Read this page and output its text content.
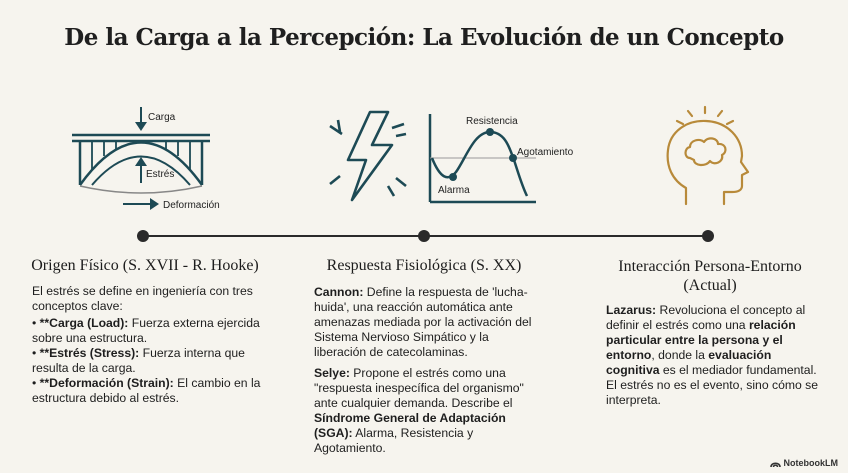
De la Carga a la Percepción: La Evolución de un Concepto
Carga
Estrés
Deformación
Resistencia
Agotamiento
Alarma
Origen Físico (S. XVII - R. Hooke)	Respuesta Fisiológica (S. XX)	Interacción Persona-Entorno
(Actual)

El estrés se define en ingeniería con tres conceptos clave:

• **Carga (Load): Fuerza externa ejercida sobre una estructura.
• **Estrés (Stress): Fuerza interna que resulta de la carga.
• **Deformación (Strain): El cambio en la estructura debido al estrés.

Cannon: Define la respuesta de 'lucha-huida', una reacción automática ante amenazas mediada por la activación del Sistema Nervioso Simpático y la liberación de catecolaminas.

Selye: Propone el estrés como una "respuesta inespecífica del organismo" ante cualquier demanda. Describe el Síndrome General de Adaptación (SGA): Alarma, Resistencia y Agotamiento.

Lazarus: Revoluciona el concepto al definir el estrés como una relación particular entre la persona y el entorno, donde la evaluación cognitiva es el mediador fundamental. El estrés no es el evento, sino cómo se interpreta.

NotebookLM
